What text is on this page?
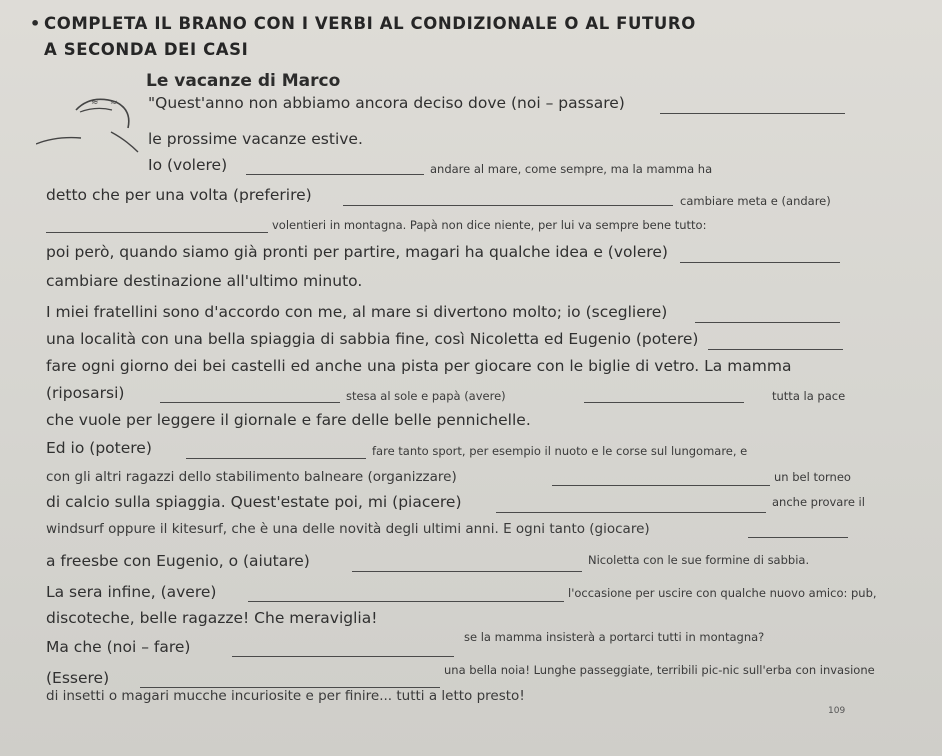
• COMPLETA IL BRANO CON I VERBI AL CONDIZIONALE O AL FUTURO
A SECONDA DEI CASI
≈ ≈
Le vacanze di Marco
"Quest'anno non abbiamo ancora deciso dove (noi – passare)
le prossime vacanze estive.
Io (volere)	andare al mare, come sempre, ma la mamma ha
detto che per una volta (preferire)	cambiare meta e (andare)
volentieri in montagna. Papà non dice niente, per lui va sempre bene tutto:
poi però, quando siamo già pronti per partire, magari ha qualche idea e (volere)
cambiare destinazione all'ultimo minuto.
I miei fratellini sono d'accordo con me, al mare si divertono molto; io (scegliere)
una località con una bella spiaggia di sabbia fine, così Nicoletta ed Eugenio (potere)
fare ogni giorno dei bei castelli ed anche una pista per giocare con le biglie di vetro. La mamma
(riposarsi)	stesa al sole e papà (avere)	tutta la pace
che vuole per leggere il giornale e fare delle belle pennichelle.
Ed io (potere)	fare tanto sport, per esempio il nuoto e le corse sul lungomare, e
con gli altri ragazzi dello stabilimento balneare (organizzare)	un bel torneo
di calcio sulla spiaggia. Quest'estate poi, mi (piacere)	anche provare il
windsurf oppure il kitesurf, che è una delle novità degli ultimi anni. E ogni tanto (giocare)
a freesbe con Eugenio, o (aiutare)	Nicoletta con le sue formine di sabbia.
La sera infine, (avere)	l'occasione per uscire con qualche nuovo amico: pub,
discoteche, belle ragazze! Che meraviglia!
Ma che (noi – fare)
se la mamma insisterà a portarci tutti in montagna?
(Essere)	una bella noia! Lunghe passeggiate, terribili pic-nic sull'erba con invasione
di insetti o magari mucche incuriosite e per finire... tutti a letto presto!
109
